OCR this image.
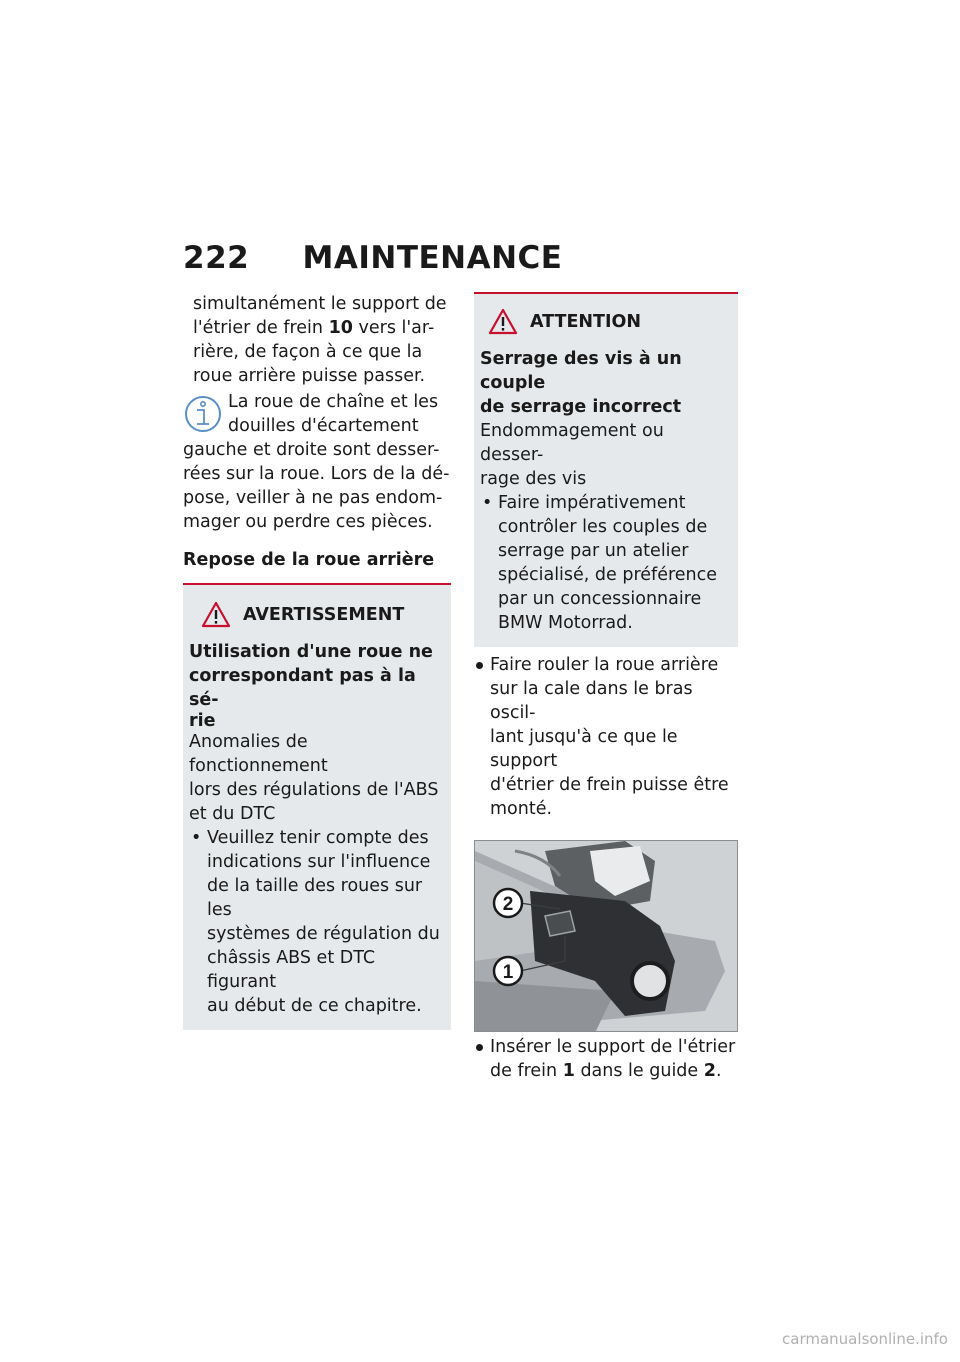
222 MAINTENANCE

simultanément le support de

l'étrier de frein 10 vers l'ar-

rière, de façon à ce que la

roue arrière puisse passer.

La roue de chaîne et les

douilles d'écartement

gauche et droite sont desser-

rées sur la roue. Lors de la dé-

pose, veiller à ne pas endom-

mager ou perdre ces pièces.

Repose de la roue arrière

AVERTISSEMENT

Utilisation d'une roue ne

correspondant pas à la sé-

rie

Anomalies de fonctionnement

lors des régulations de l'ABS

et du DTC

• Veuillez tenir compte des

indications sur l'influence

de la taille des roues sur les

systèmes de régulation du

châssis ABS et DTC figurant

au début de ce chapitre.

ATTENTION

Serrage des vis à un couple

de serrage incorrect

Endommagement ou desser-

rage des vis

• Faire impérativement

contrôler les couples de

serrage par un atelier

spécialisé, de préférence

par un concessionnaire

BMW Motorrad.

Faire rouler la roue arrière

sur la cale dans le bras oscil-

lant jusqu'à ce que le support

d'étrier de frein puisse être

monté.

2
1

Insérer le support de l'étrier

de frein 1 dans le guide 2.

carmanualsonline.info
